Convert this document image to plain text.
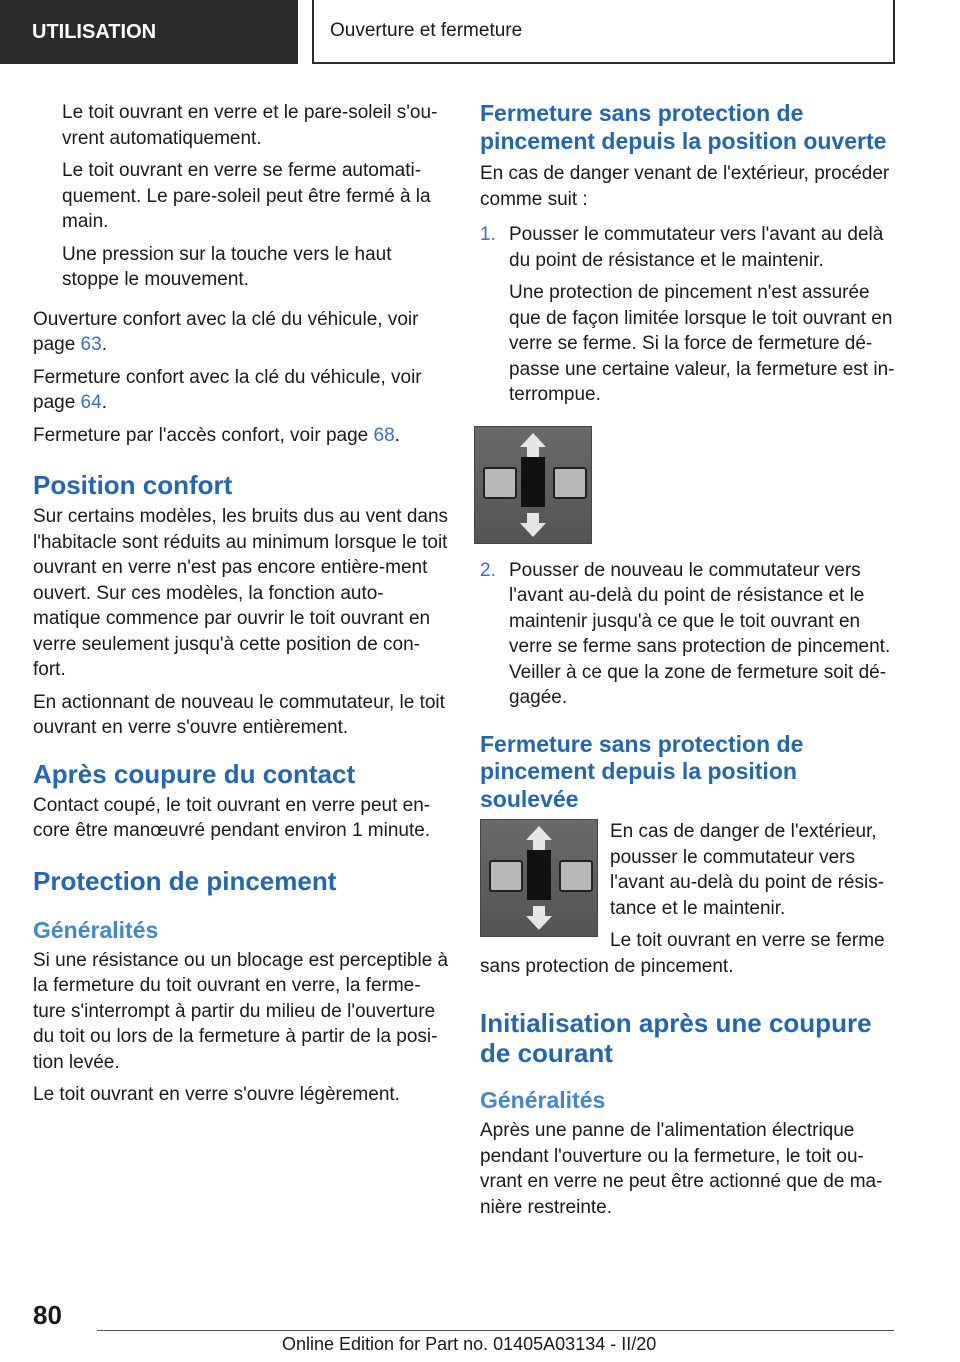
UTILISATION	Ouverture et fermeture

Le toit ouvrant en verre et le pare-soleil s'ou-vrent automatiquement.

Le toit ouvrant en verre se ferme automati-quement. Le pare-soleil peut être fermé à la main.

Une pression sur la touche vers le haut stoppe le mouvement.

Ouverture confort avec la clé du véhicule, voir page 63.

Fermeture confort avec la clé du véhicule, voir page 64.

Fermeture par l'accès confort, voir page 68.

Position confort

Sur certains modèles, les bruits dus au vent dans l'habitacle sont réduits au minimum lorsque le toit ouvrant en verre n'est pas encore entière-ment ouvert. Sur ces modèles, la fonction auto-matique commence par ouvrir le toit ouvrant en verre seulement jusqu'à cette position de con-fort.

En actionnant de nouveau le commutateur, le toit ouvrant en verre s'ouvre entièrement.

Après coupure du contact

Contact coupé, le toit ouvrant en verre peut en-core être manœuvré pendant environ 1 minute.

Protection de pincement
Généralités

Si une résistance ou un blocage est perceptible à la fermeture du toit ouvrant en verre, la ferme-ture s'interrompt à partir du milieu de l'ouverture du toit ou lors de la fermeture à partir de la posi-tion levée.

Le toit ouvrant en verre s'ouvre légèrement.

Fermeture sans protection de pincement depuis la position ouverte

En cas de danger venant de l'extérieur, procéder comme suit :

1. Pousser le commutateur vers l'avant au delà du point de résistance et le maintenir.

Une protection de pincement n'est assurée que de façon limitée lorsque le toit ouvrant en verre se ferme. Si la force de fermeture dé-passe une certaine valeur, la fermeture est in-terrompue.

2. Pousser de nouveau le commutateur vers l'avant au-delà du point de résistance et le maintenir jusqu'à ce que le toit ouvrant en verre se ferme sans protection de pincement. Veiller à ce que la zone de fermeture soit dé-gagée.

Fermeture sans protection de pincement depuis la position soulevée

En cas de danger de l'extérieur, pousser le commutateur vers l'avant au-delà du point de résis-tance et le maintenir.

Le toit ouvrant en verre se ferme sans protection de pincement.

Initialisation après une coupure de courant
Généralités

Après une panne de l'alimentation électrique pendant l'ouverture ou la fermeture, le toit ou-vrant en verre ne peut être actionné que de ma-nière restreinte.

80
Online Edition for Part no. 01405A03134 - II/20
